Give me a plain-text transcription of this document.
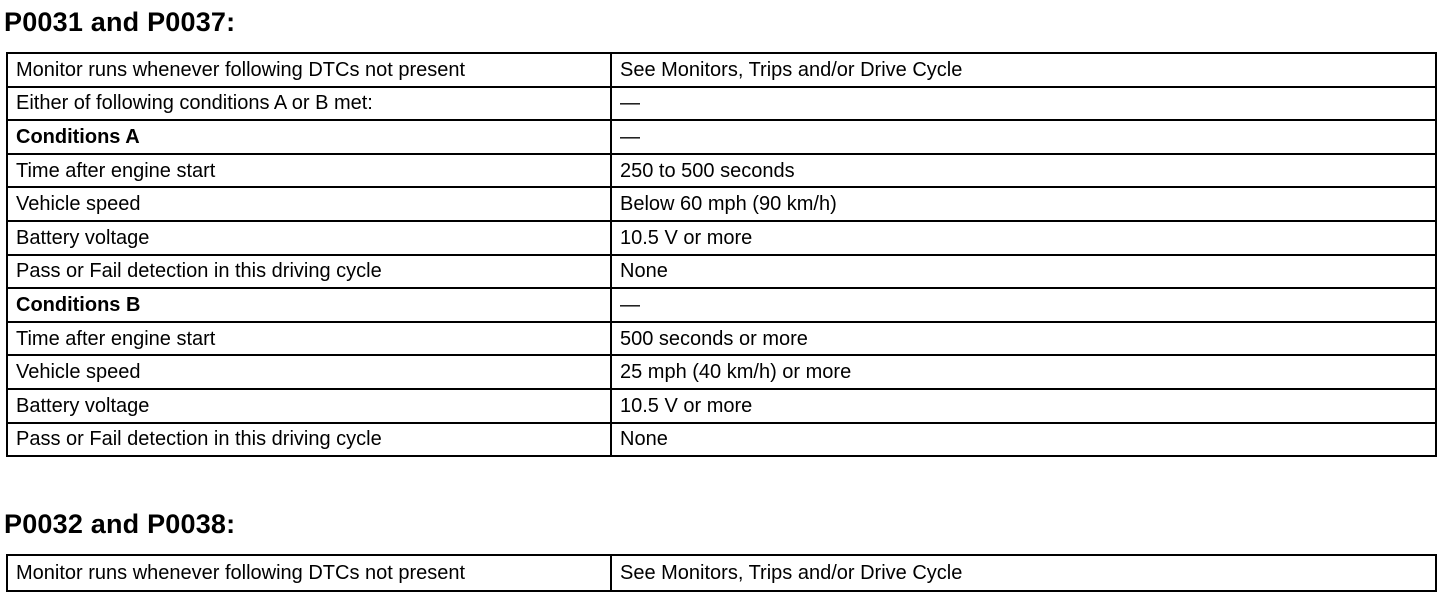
P0031 and P0037:
Monitor runs whenever following DTCs not present	See Monitors, Trips and/or Drive Cycle
Either of following conditions A or B met:	—
Conditions A	—
Time after engine start	250 to 500 seconds
Vehicle speed	Below 60 mph (90 km/h)
Battery voltage	10.5 V or more
Pass or Fail detection in this driving cycle	None
Conditions B	—
Time after engine start	500 seconds or more
Vehicle speed	25 mph (40 km/h) or more
Battery voltage	10.5 V or more
Pass or Fail detection in this driving cycle	None
P0032 and P0038:
Monitor runs whenever following DTCs not present	See Monitors, Trips and/or Drive Cycle
